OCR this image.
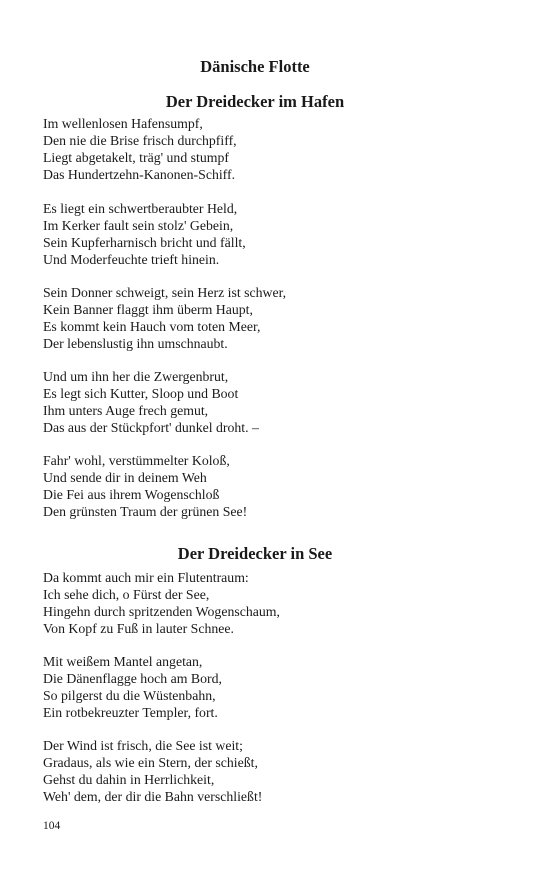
Dänische Flotte
Der Dreidecker im Hafen
Im wellenlosen Hafensumpf,
Den nie die Brise frisch durchpfiff,
Liegt abgetakelt, träg' und stumpf
Das Hundertzehn-Kanonen-Schiff.
Es liegt ein schwertberaubter Held,
Im Kerker fault sein stolz' Gebein,
Sein Kupferharnisch bricht und fällt,
Und Moderfeuchte trieft hinein.
Sein Donner schweigt, sein Herz ist schwer,
Kein Banner flaggt ihm überm Haupt,
Es kommt kein Hauch vom toten Meer,
Der lebenslustig ihn umschnaubt.
Und um ihn her die Zwergenbrut,
Es legt sich Kutter, Sloop und Boot
Ihm unters Auge frech gemut,
Das aus der Stückpfort' dunkel droht. –
Fahr' wohl, verstümmelter Koloß,
Und sende dir in deinem Weh
Die Fei aus ihrem Wogenschloß
Den grünsten Traum der grünen See!
Der Dreidecker in See
Da kommt auch mir ein Flutentraum:
Ich sehe dich, o Fürst der See,
Hingehn durch spritzenden Wogenschaum,
Von Kopf zu Fuß in lauter Schnee.
Mit weißem Mantel angetan,
Die Dänenflagge hoch am Bord,
So pilgerst du die Wüstenbahn,
Ein rotbekreuzter Templer, fort.
Der Wind ist frisch, die See ist weit;
Gradaus, als wie ein Stern, der schießt,
Gehst du dahin in Herrlichkeit,
Weh' dem, der dir die Bahn verschließt!

104
